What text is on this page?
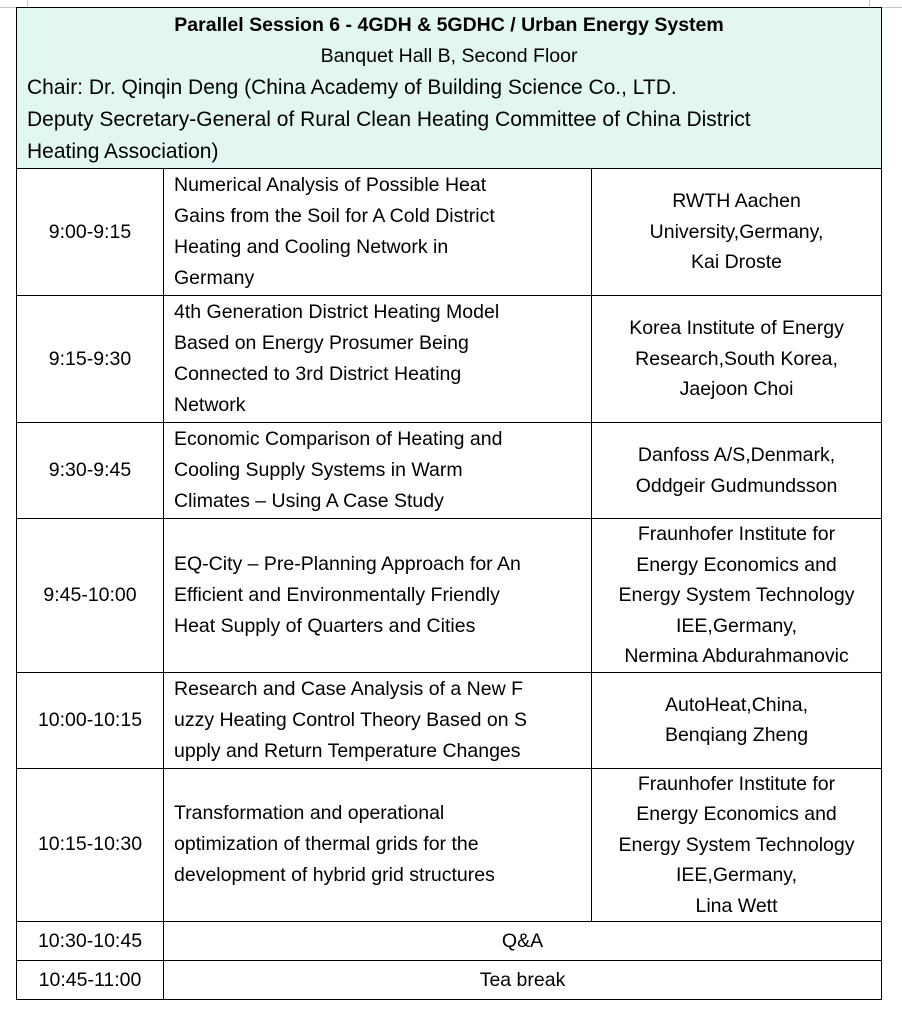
Parallel Session 6 - 4GDH & 5GDHC / Urban Energy System
Banquet Hall B, Second Floor
Chair: Dr. Qinqin Deng (China Academy of Building Science Co., LTD.
Deputy Secretary-General of Rural Clean Heating Committee of China District
Heating Association)		

9:00-9:15	Numerical Analysis of Possible Heat
Gains from the Soil for A Cold District
Heating and Cooling Network in
Germany	RWTH Aachen
University,Germany,
Kai Droste

9:15-9:30	4th Generation District Heating Model
Based on Energy Prosumer Being
Connected to 3rd District Heating
Network	Korea Institute of Energy
Research,South Korea,
Jaejoon Choi

9:30-9:45	Economic Comparison of Heating and
Cooling Supply Systems in Warm
Climates – Using A Case Study	Danfoss A/S,Denmark,
Oddgeir Gudmundsson

9:45-10:00	EQ-City – Pre-Planning Approach for An
Efficient and Environmentally Friendly
Heat Supply of Quarters and Cities	Fraunhofer Institute for
Energy Economics and
Energy System Technology
IEE,Germany,
Nermina Abdurahmanovic

10:00-10:15	Research and Case Analysis of a New F
uzzy Heating Control Theory Based on S
upply and Return Temperature Changes	AutoHeat,China,
Benqiang Zheng

10:15-10:30	Transformation and operational
optimization of thermal grids for the
development of hybrid grid structures	Fraunhofer Institute for
Energy Economics and
Energy System Technology
IEE,Germany,
Lina Wett

10:30-10:45	Q&A	
10:45-11:00	Tea break	
